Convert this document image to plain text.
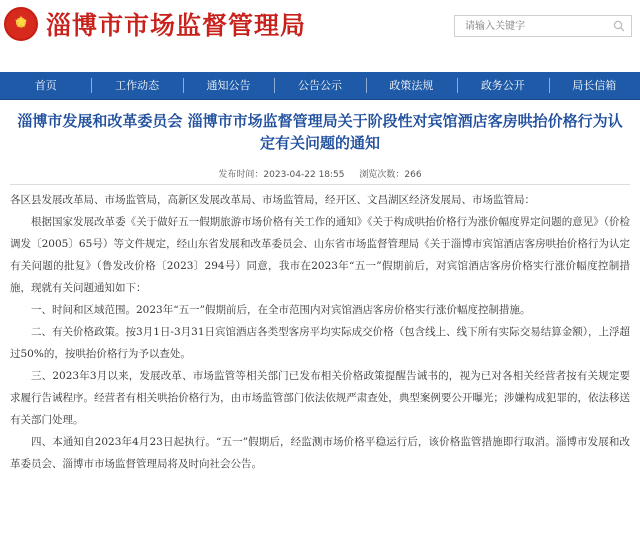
★
淄博市市场监督管理局
请输入关键字
首页	工作动态	通知公告	公告公示	政策法规	政务公开	局长信箱
淄博市发展和改革委员会 淄博市市场监督管理局关于阶段性对宾馆酒店客房哄抬价格行为认定有关问题的通知
发布时间：2023-04-22 18:55 浏览次数：266

各区县发展改革局、市场监管局，高新区发展改革局、市场监管局，经开区、文昌湖区经济发展局、市场监管局：

根据国家发展改革委《关于做好五一假期旅游市场价格有关工作的通知》《关于构成哄抬价格行为涨价幅度界定问题的意见》（价检调发〔2005〕65号）等文件规定，经山东省发展和改革委员会、山东省市场监督管理局《关于淄博市宾馆酒店客房哄抬价格行为认定有关问题的批复》（鲁发改价格〔2023〕294号）同意，我市在2023年“五一”假期前后，对宾馆酒店客房价格实行涨价幅度控制措施，现就有关问题通知如下：

一、时间和区域范围。2023年“五一”假期前后，在全市范围内对宾馆酒店客房价格实行涨价幅度控制措施。

二、有关价格政策。按3月1日-3月31日宾馆酒店各类型客房平均实际成交价格（包含线上、线下所有实际交易结算金额），上浮超过50%的，按哄抬价格行为予以查处。

三、2023年3月以来，发展改革、市场监管等相关部门已发布相关价格政策提醒告诫书的，视为已对各相关经营者按有关规定要求履行告诫程序。经营者有相关哄抬价格行为，由市场监管部门依法依规严肃查处，典型案例要公开曝光；涉嫌构成犯罪的，依法移送有关部门处理。

四、本通知自2023年4月23日起执行。“五一”假期后，经监测市场价格平稳运行后，该价格监管措施即行取消。淄博市发展和改革委员会、淄博市市场监督管理局将及时向社会公告。
